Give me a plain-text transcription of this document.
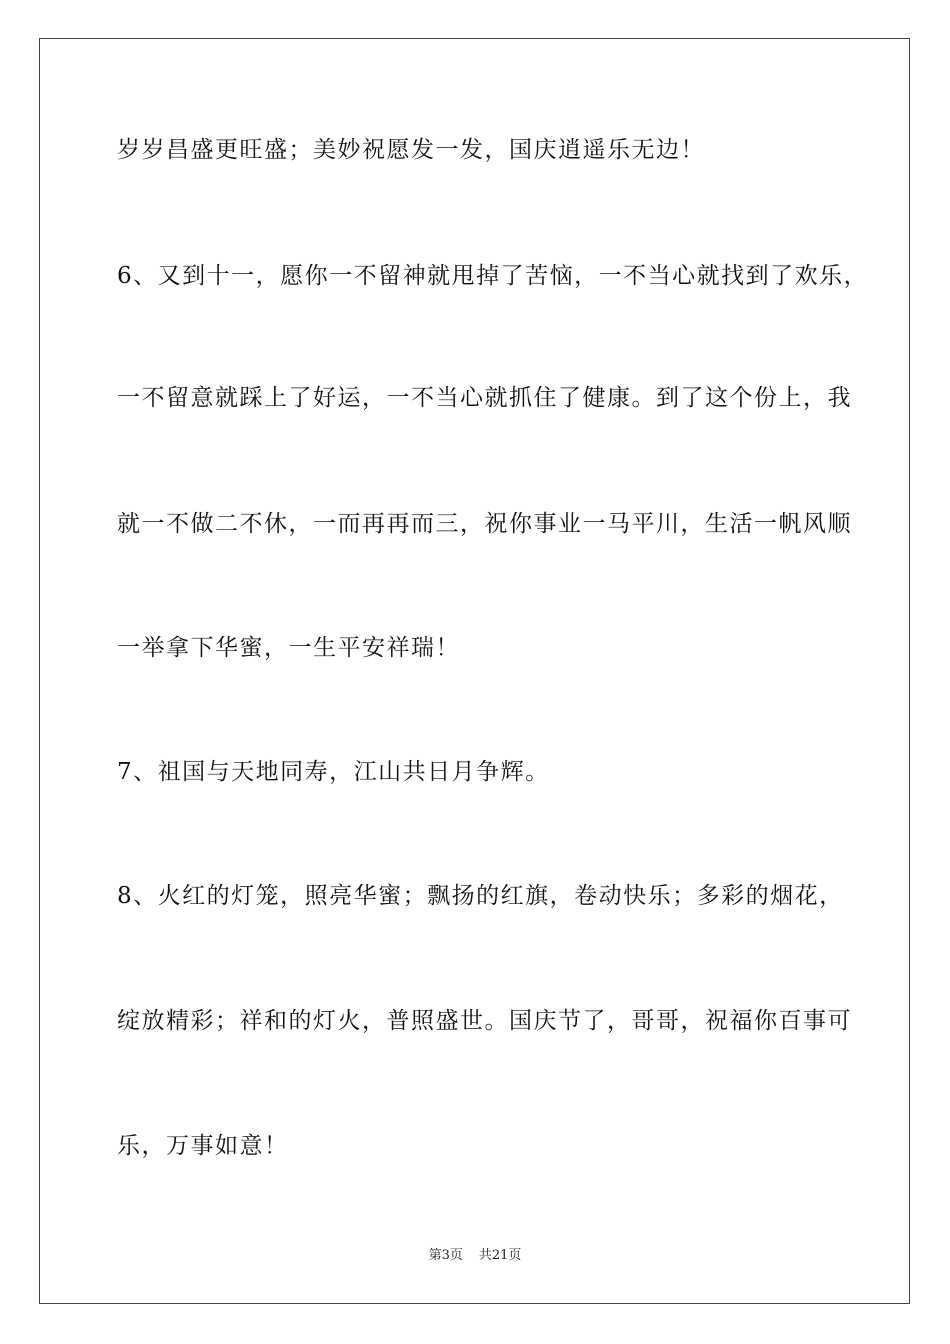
岁岁昌盛更旺盛；美妙祝愿发一发，国庆逍遥乐无边！
6、又到十一，愿你一不留神就甩掉了苦恼，一不当心就找到了欢乐，
一不留意就踩上了好运，一不当心就抓住了健康。到了这个份上，我
就一不做二不休，一而再再而三，祝你事业一马平川，生活一帆风顺
一举拿下华蜜，一生平安祥瑞！
7、祖国与天地同寿，江山共日月争辉。
8、火红的灯笼，照亮华蜜；飘扬的红旗，卷动快乐；多彩的烟花，
绽放精彩；祥和的灯火，普照盛世。国庆节了，哥哥，祝福你百事可
乐，万事如意！
第3页 共21页
